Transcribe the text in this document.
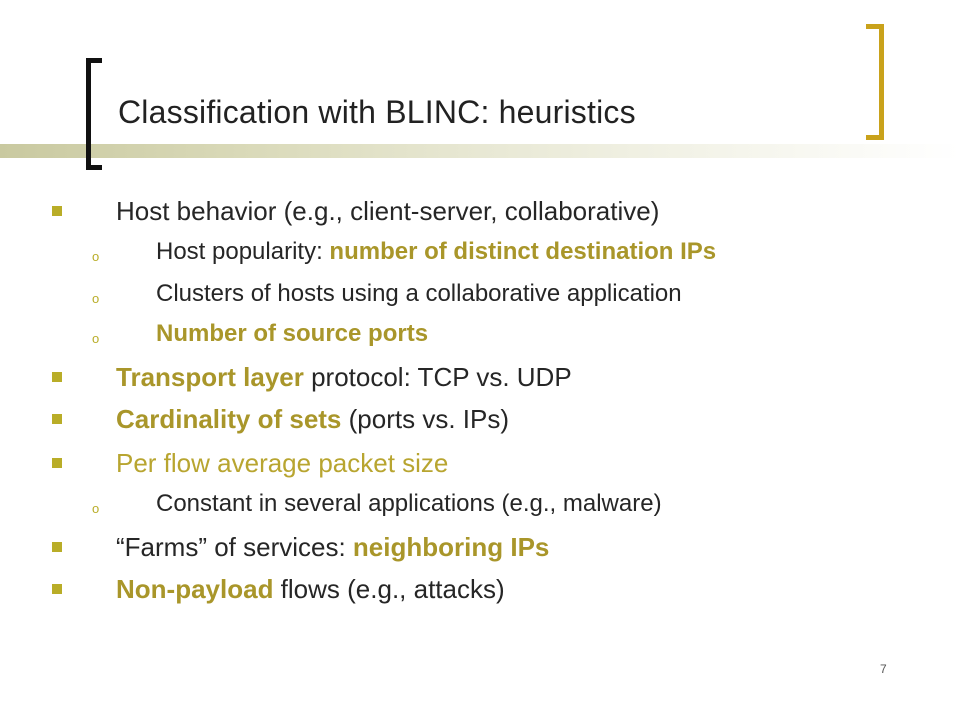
Classification with BLINC: heuristics
Host behavior (e.g., client-server, collaborative)
o Host popularity: number of distinct destination IPs
o Clusters of hosts using a collaborative application
o Number of source ports
Transport layer protocol: TCP vs. UDP
Cardinality of sets (ports vs. IPs)
Per flow average packet size
o Constant in several applications (e.g., malware)
“Farms” of services: neighboring IPs
Non-payload flows (e.g., attacks)
7
